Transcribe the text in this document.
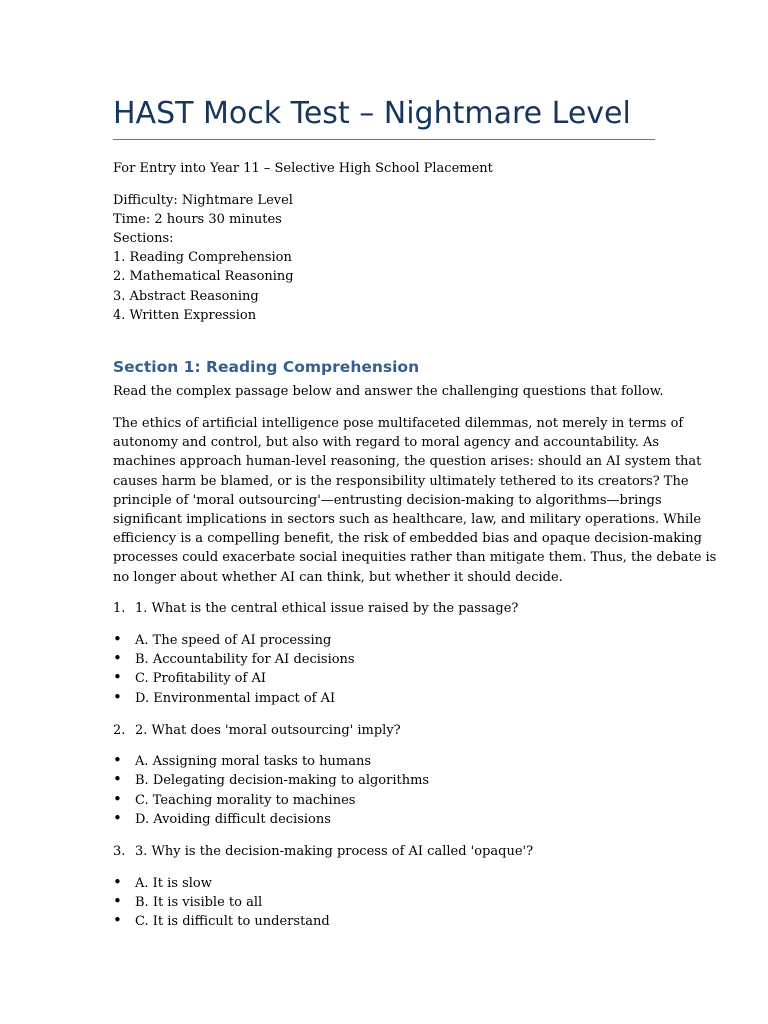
HAST Mock Test – Nightmare Level
For Entry into Year 11 – Selective High School Placement
Difficulty: Nightmare Level
Time: 2 hours 30 minutes
Sections:
1. Reading Comprehension
2. Mathematical Reasoning
3. Abstract Reasoning
4. Written Expression
Section 1: Reading Comprehension
Read the complex passage below and answer the challenging questions that follow.
The ethics of artificial intelligence pose multifaceted dilemmas, not merely in terms of
autonomy and control, but also with regard to moral agency and accountability. As
machines approach human-level reasoning, the question arises: should an AI system that
causes harm be blamed, or is the responsibility ultimately tethered to its creators? The
principle of 'moral outsourcing'—entrusting decision-making to algorithms—brings
significant implications in sectors such as healthcare, law, and military operations. While
efficiency is a compelling benefit, the risk of embedded bias and opaque decision-making
processes could exacerbate social inequities rather than mitigate them. Thus, the debate is
no longer about whether AI can think, but whether it should decide.
1. 1. What is the central ethical issue raised by the passage?
• A. The speed of AI processing
• B. Accountability for AI decisions
• C. Profitability of AI
• D. Environmental impact of AI
2. 2. What does 'moral outsourcing' imply?
• A. Assigning moral tasks to humans
• B. Delegating decision-making to algorithms
• C. Teaching morality to machines
• D. Avoiding difficult decisions
3. 3. Why is the decision-making process of AI called 'opaque'?
• A. It is slow
• B. It is visible to all
• C. It is difficult to understand
